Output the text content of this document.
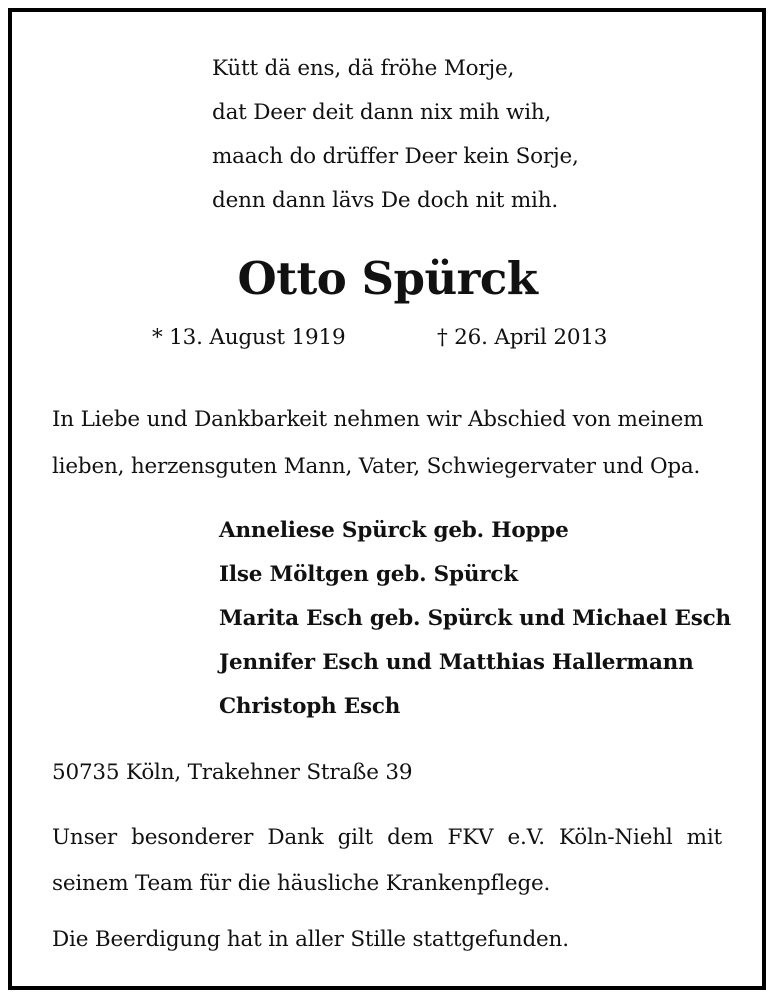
Kütt dä ens, dä fröhe Morje,
dat Deer deit dann nix mih wih,
maach do drüffer Deer kein Sorje,
denn dann lävs De doch nit mih.
Otto Spürck
* 13. August 1919	† 26. April 2013
In Liebe und Dankbarkeit nehmen wir Abschied von meinem
lieben, herzensguten Mann, Vater, Schwiegervater und Opa.
Anneliese Spürck geb. Hoppe
Ilse Möltgen geb. Spürck
Marita Esch geb. Spürck und Michael Esch
Jennifer Esch und Matthias Hallermann
Christoph Esch
50735 Köln, Trakehner Straße 39
Unser besonderer Dank gilt dem FKV e.V. Köln-Niehl mit
seinem Team für die häusliche Krankenpflege.
Die Beerdigung hat in aller Stille stattgefunden.
